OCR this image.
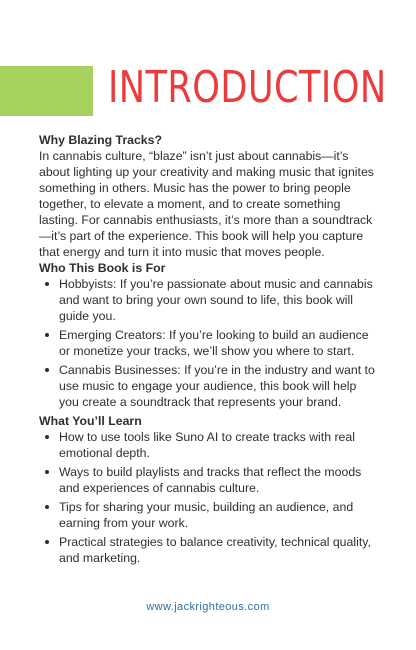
INTRODUCTION

Why Blazing Tracks?

In cannabis culture, “blaze” isn’t just about cannabis—it’s about lighting up your creativity and making music that ignites something in others. Music has the power to bring people together, to elevate a moment, and to create something lasting. For cannabis enthusiasts, it’s more than a soundtrack—it’s part of the experience. This book will help you capture that energy and turn it into music that moves people.

Who This Book is For

Hobbyists: If you’re passionate about music and cannabis and want to bring your own sound to life, this book will guide you.
Emerging Creators: If you’re looking to build an audience or monetize your tracks, we’ll show you where to start.
Cannabis Businesses: If you’re in the industry and want to use music to engage your audience, this book will help you create a soundtrack that represents your brand.

What You’ll Learn

How to use tools like Suno AI to create tracks with real emotional depth.
Ways to build playlists and tracks that reflect the moods and experiences of cannabis culture.
Tips for sharing your music, building an audience, and earning from your work.
Practical strategies to balance creativity, technical quality, and marketing.
www.jackrighteous.com
